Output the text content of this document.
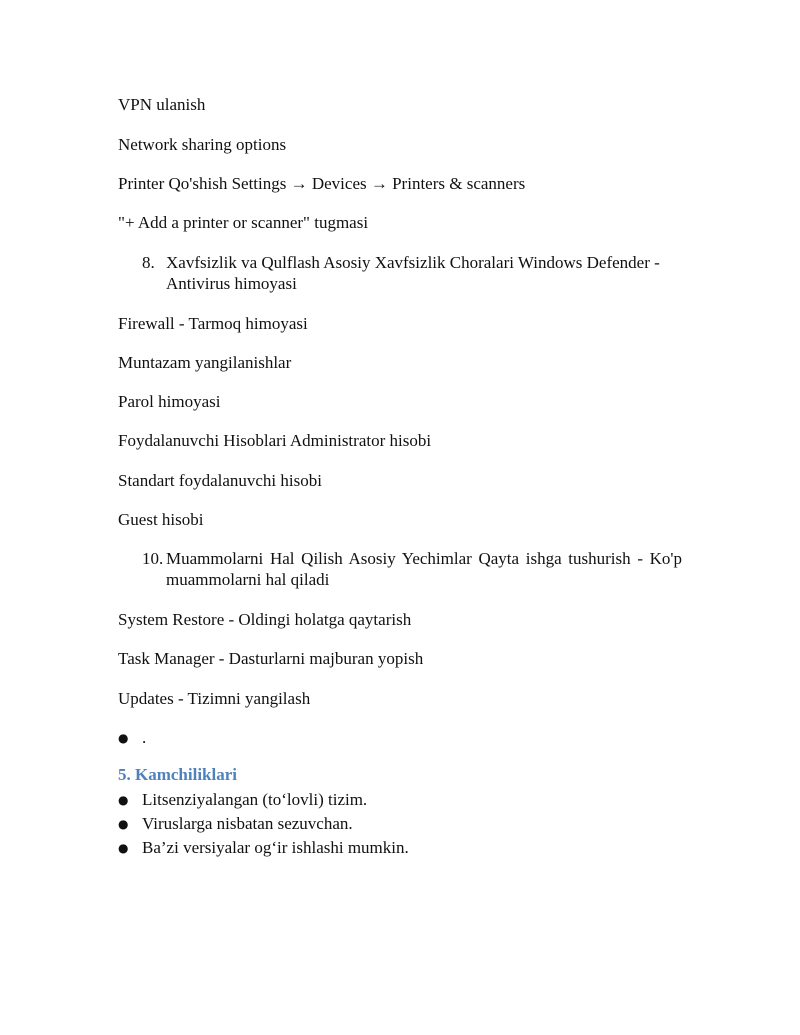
VPN ulanish

Network sharing options

Printer Qo'shish Settings → Devices → Printers & scanners

"+ Add a printer or scanner" tugmasi

8. Xavfsizlik va Qulflash Asosiy Xavfsizlik Choralari Windows Defender - Antivirus himoyasi

Firewall - Tarmoq himoyasi

Muntazam yangilanishlar

Parol himoyasi

Foydalanuvchi Hisoblari Administrator hisobi

Standart foydalanuvchi hisobi

Guest hisobi

10. Muammolarni Hal Qilish Asosiy Yechimlar Qayta ishga tushurish - Ko'p muammolarni hal qiladi

System Restore - Oldingi holatga qaytarish

Task Manager - Dasturlarni majburan yopish

Updates - Tizimni yangilash

● .
5. Kamchiliklari
● Litsenziyalangan (to‘lovli) tizim.
● Viruslarga nisbatan sezuvchan.
● Ba’zi versiyalar og‘ir ishlashi mumkin.
